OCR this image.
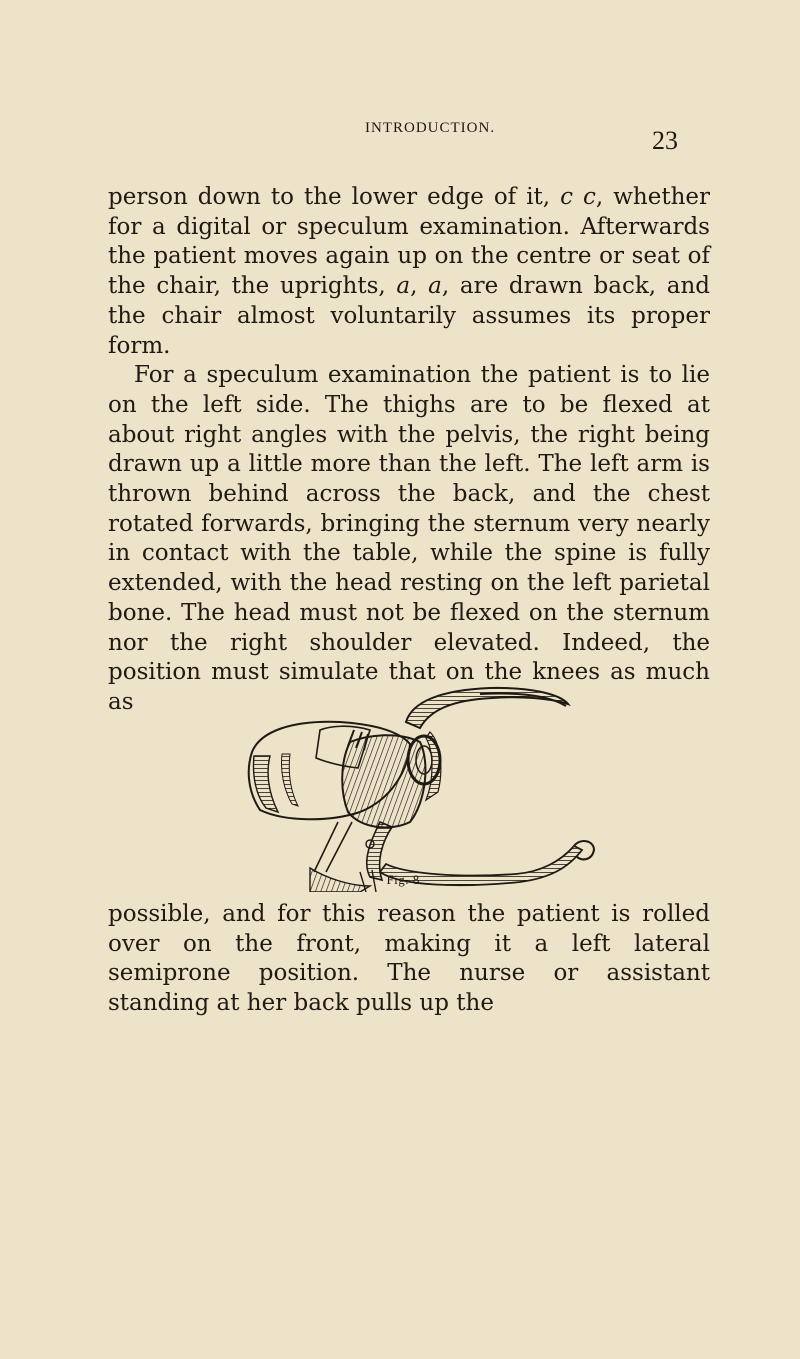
INTRODUCTION.	23

person down to the lower edge of it, c c, whether for a digital or speculum examination. Afterwards the patient moves again up on the centre or seat of the chair, the uprights, a, a, are drawn back, and the chair almost voluntarily assumes its proper form.

For a speculum examination the patient is to lie on the left side. The thighs are to be flexed at about right angles with the pelvis, the right being drawn up a little more than the left. The left arm is thrown behind across the back, and the chest rotated forwards, bringing the sternum very nearly in contact with the table, while the spine is fully extended, with the head resting on the left parietal bone. The head must not be flexed on the sternum nor the right shoulder elevated. Indeed, the position must simulate that on the knees as much as

Fig. 8.

possible, and for this reason the patient is rolled over on the front, making it a left lateral semiprone position. The nurse or assistant standing at her back pulls up the
